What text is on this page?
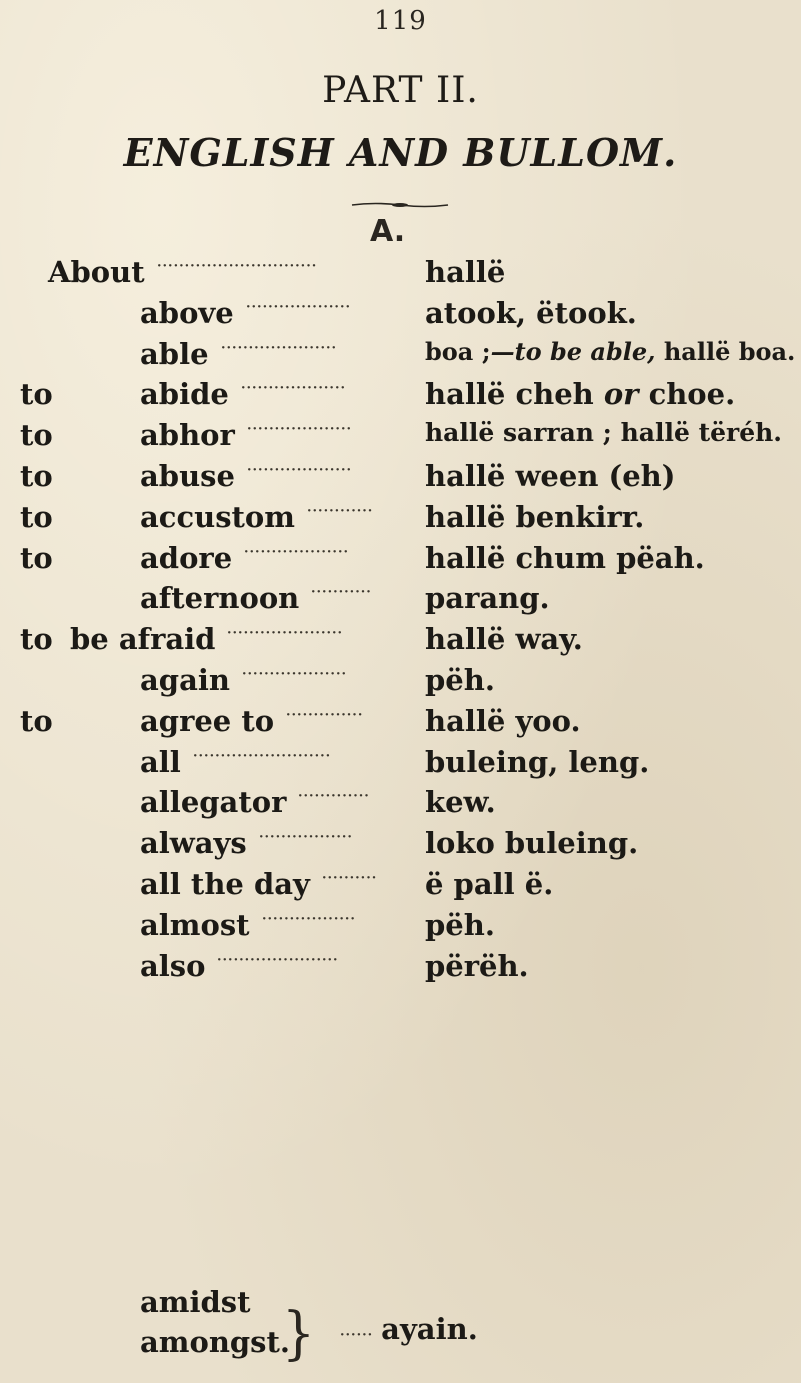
119
PART II.
ENGLISH AND BULLOM.
A.
About ·····························	hallë
above ···················	atook, ëtook.
able ·····················	boa ;—to be able, hallë boa.
to	abide ···················	hallë cheh or choe.
to	abhor ···················	hallë sarran ; hallë tëréh.
to	abuse ···················	hallë ween (eh)
to	accustom ············	hallë benkirr.
to	adore ···················	hallë chum pëah.
afternoon ···········	parang.
to be afraid ·····················	hallë way.
again ···················	pëh.
to	agree to ··············	hallë yoo.
all ·························	buleing, leng.
allegator ·············	kew.
always ·················	loko buleing.
all the day ··········	ë pall ë.
almost ·················	pëh.
also ······················	përëh.
amidst
amongst.
} ······ ayain.
